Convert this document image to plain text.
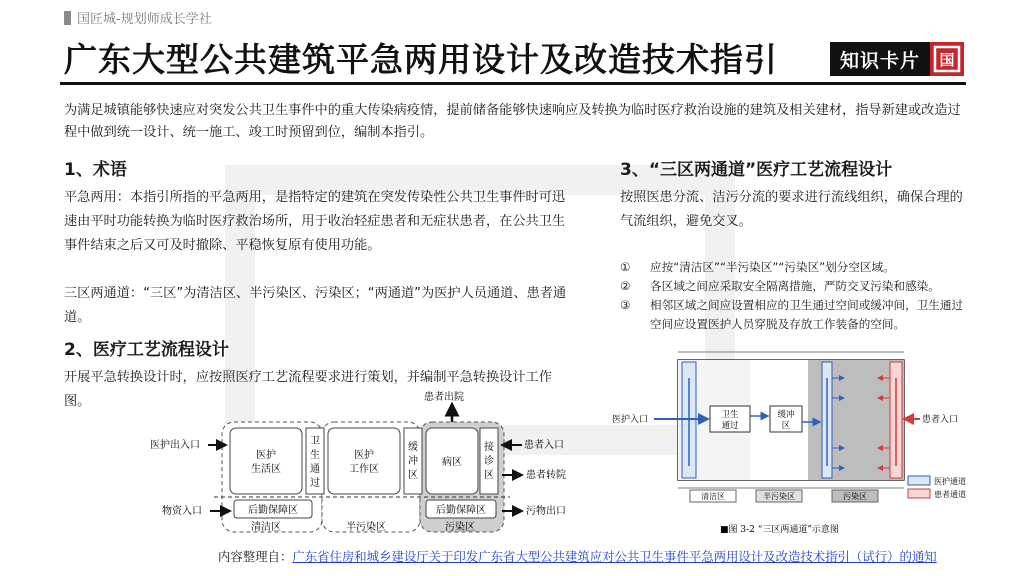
国匠城-规划师成长学社
广东大型公共建筑平急两用设计及改造技术指引	知识卡片	国
为满足城镇能够快速应对突发公共卫生事件中的重大传染病疫情，提前储备能够快速响应及转换为临时医疗救治设施的建筑及相关建材，指导新建或改造过程中做到统一设计、统一施工、竣工时预留到位，编制本指引。
1、术语
平急两用：本指引所指的平急两用，是指特定的建筑在突发传染性公共卫生事件时可迅速由平时功能转换为临时医疗救治场所，用于收治轻症患者和无症状患者，在公共卫生事件结束之后又可及时撤除、平稳恢复原有使用功能。
三区两通道：“三区”为清洁区、半污染区、污染区；“两通道”为医护人员通道、患者通道。
2、医疗工艺流程设计
开展平急转换设计时，应按照医疗工艺流程要求进行策划，并编制平急转换设计工作图。
医护
生活区
卫
生
通
过
医护
工作区
缓
冲
区
病区
接
诊
区
后勤保障区	后勤保障区
清洁区	半污染区	污染区
医护出入口
物资入口
患者出院
患者入口
患者转院
污物出口
3、“三区两通道”医疗工艺流程设计
按照医患分流、洁污分流的要求进行流线组织，确保合理的气流组织，避免交叉。
①	应按“清洁区”“半污染区”“污染区”划分空区域。
②	各区域之间应采取安全隔离措施，严防交叉污染和感染。
③	相邻区域之间应设置相应的卫生通过空间或缓冲间，卫生通过空间应设置医护人员穿脱及存放工作装备的空间。
卫生
通过
缓冲
区
医护入口	患者入口
清洁区	半污染区	污染区
医护通道
患者通道
■图 3-2 “三区两通道”示意图
内容整理自：广东省住房和城乡建设厅关于印发广东省大型公共建筑应对公共卫生事件平急两用设计及改造技术指引（试行）的通知
